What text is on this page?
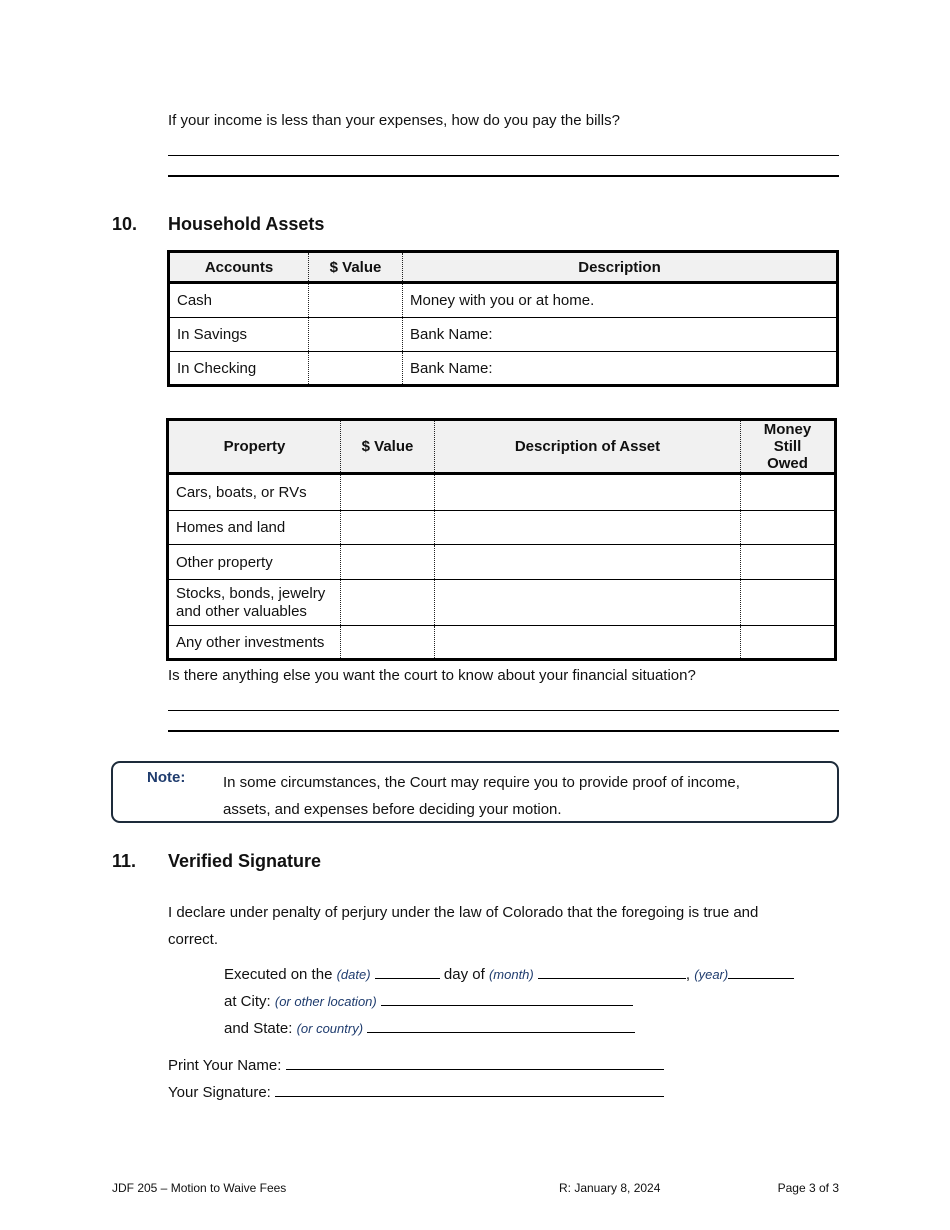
If your income is less than your expenses, how do you pay the bills?
10. Household Assets
Accounts	$ Value	Description
Cash		Money with you or at home.
In Savings		Bank Name:
In Checking		Bank Name:
Property	$ Value	Description of Asset	Money Still Owed
Cars, boats, or RVs			
Homes and land			
Other property			
Stocks, bonds, jewelry and other valuables			
Any other investments			
Is there anything else you want the court to know about your financial situation?
Note:	In some circumstances, the Court may require you to provide proof of income, assets, and expenses before deciding your motion.
11. Verified Signature
I declare under penalty of perjury under the law of Colorado that the foregoing is true and correct.
Executed on the (date)	day of (month)	, (year)
at City: (or other location)
and State: (or country)
Print Your Name:
Your Signature:
JDF 205 – Motion to Waive Fees	R: January 8, 2024	Page 3 of 3
